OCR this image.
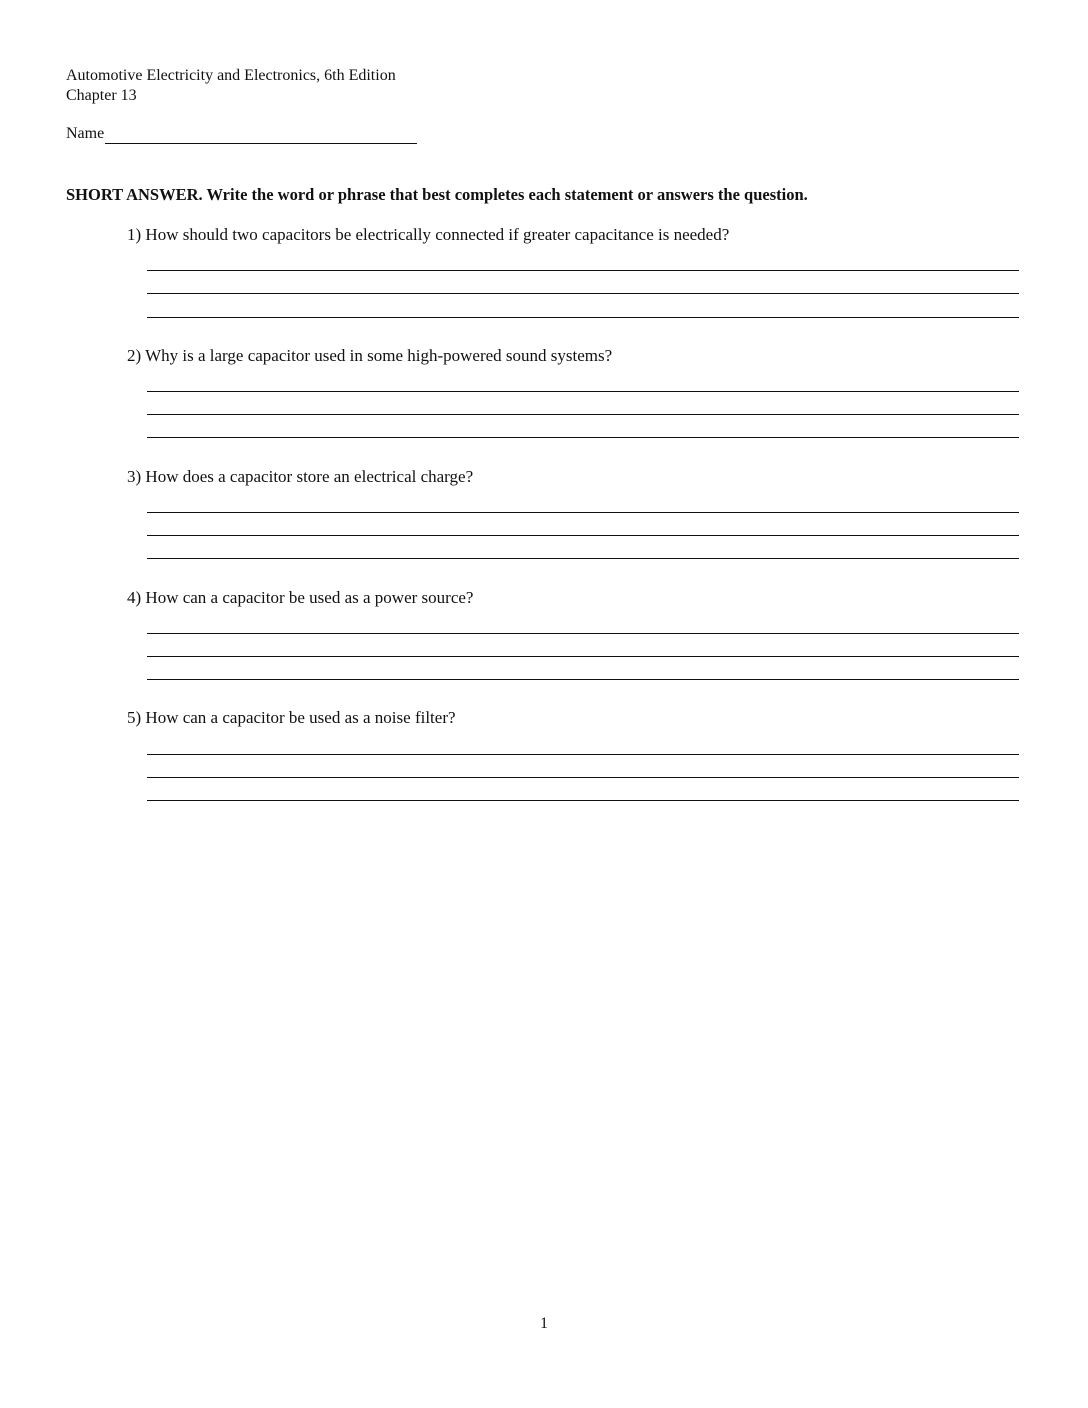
Automotive Electricity and Electronics, 6th Edition
Chapter 13
Name
SHORT ANSWER. Write the word or phrase that best completes each statement or answers the question.
1) How should two capacitors be electrically connected if greater capacitance is needed?
2) Why is a large capacitor used in some high-powered sound systems?
3) How does a capacitor store an electrical charge?
4) How can a capacitor be used as a power source?
5) How can a capacitor be used as a noise filter?
1
